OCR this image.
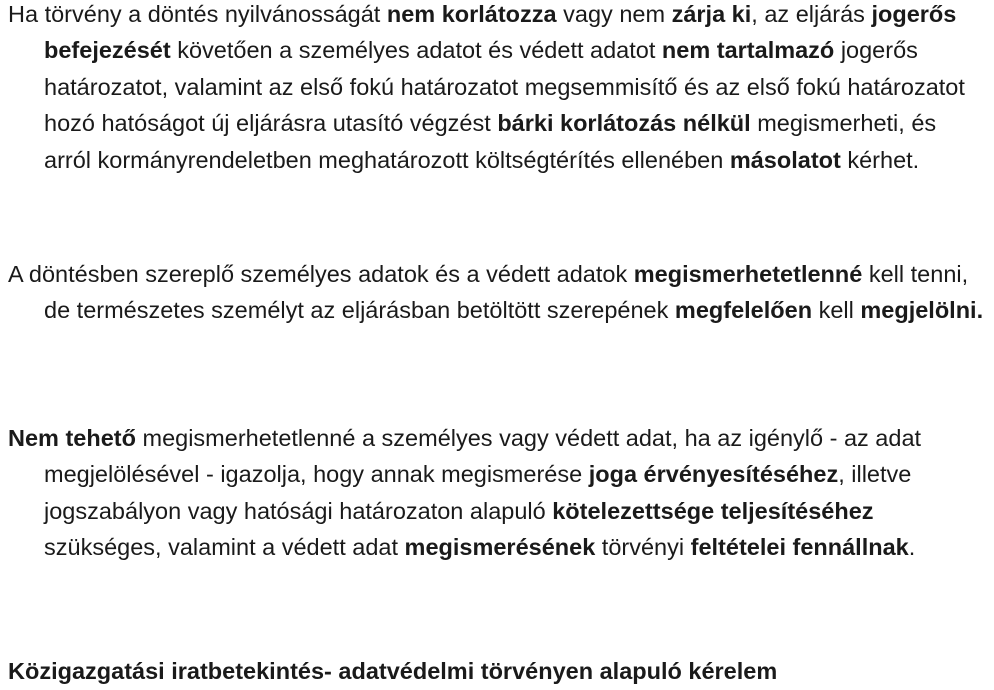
Ha törvény a döntés nyilvánosságát nem korlátozza vagy nem zárja ki, az eljárás jogerős befejezését követően a személyes adatot és védett adatot nem tartalmazó jogerős határozatot, valamint az első fokú határozatot megsemmisítő és az első fokú határozatot hozó hatóságot új eljárásra utasító végzést bárki korlátozás nélkül megismerheti, és arról kormányrendeletben meghatározott költségtérítés ellenében másolatot kérhet.

A döntésben szereplő személyes adatok és a védett adatok megismerhetetlenné kell tenni, de természetes személyt az eljárásban betöltött szerepének megfelelően kell megjelölni.

Nem tehető megismerhetetlenné a személyes vagy védett adat, ha az igénylő - az adat megjelölésével - igazolja, hogy annak megismerése joga érvényesítéséhez, illetve jogszabályon vagy hatósági határozaton alapuló kötelezettsége teljesítéséhez szükséges, valamint a védett adat megismerésének törvényi feltételei fennállnak.

Közigazgatási iratbetekintés- adatvédelmi törvényen alapuló kérelem
